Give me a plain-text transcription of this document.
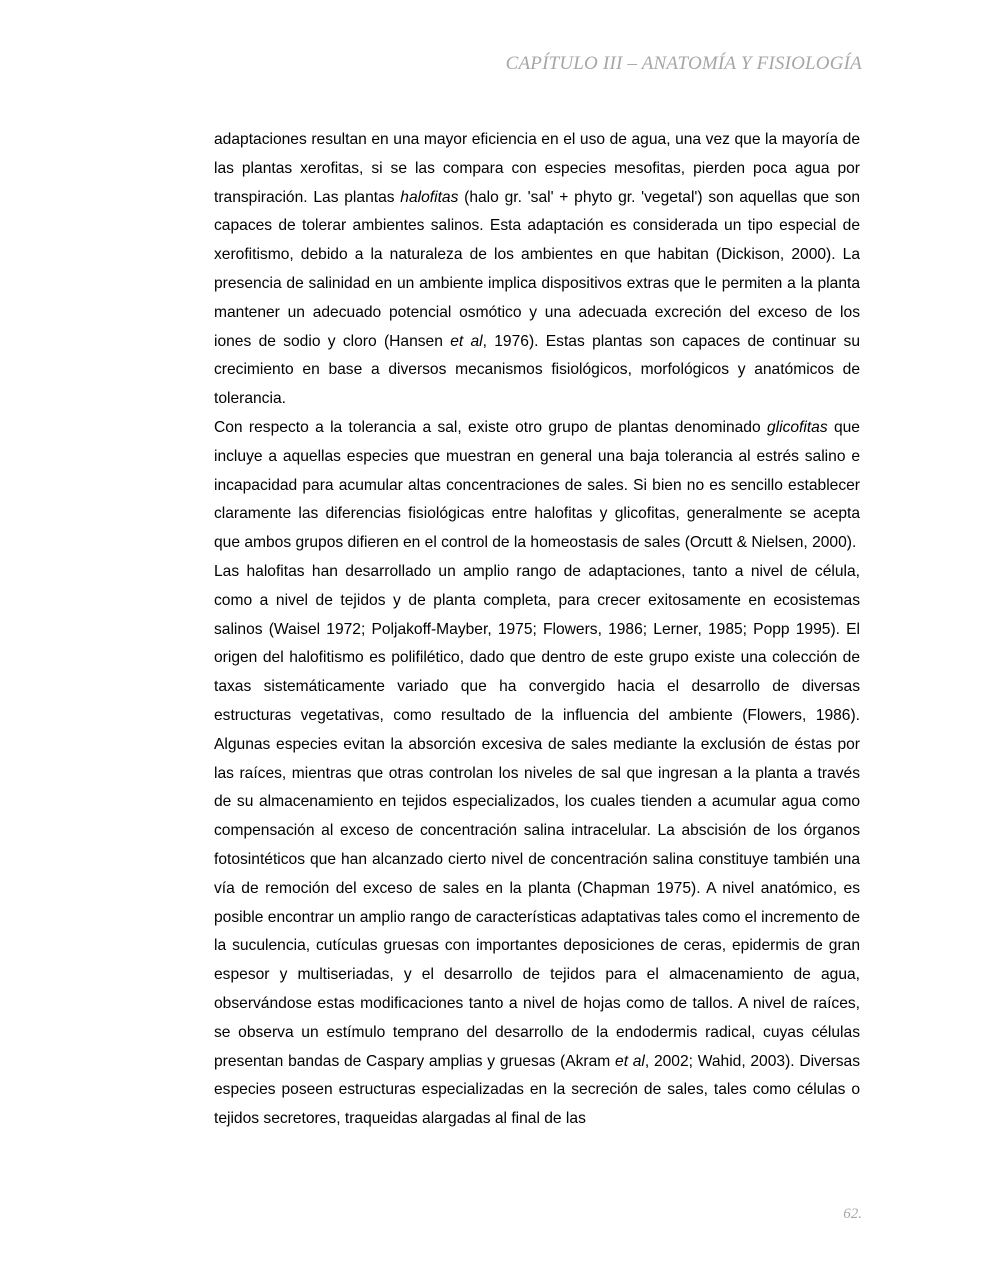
CAPÍTULO III – ANATOMÍA Y FISIOLOGÍA

adaptaciones resultan en una mayor eficiencia en el uso de agua, una vez que la mayoría de las plantas xerofitas, si se las compara con especies mesofitas, pierden poca agua por transpiración. Las plantas halofitas (halo gr. 'sal' + phyto gr. 'vegetal') son aquellas que son capaces de tolerar ambientes salinos. Esta adaptación es considerada un tipo especial de xerofitismo, debido a la naturaleza de los ambientes en que habitan (Dickison, 2000). La presencia de salinidad en un ambiente implica dispositivos extras que le permiten a la planta mantener un adecuado potencial osmótico y una adecuada excreción del exceso de los iones de sodio y cloro (Hansen et al, 1976). Estas plantas son capaces de continuar su crecimiento en base a diversos mecanismos fisiológicos, morfológicos y anatómicos de tolerancia.

Con respecto a la tolerancia a sal, existe otro grupo de plantas denominado glicofitas que incluye a aquellas especies que muestran en general una baja tolerancia al estrés salino e incapacidad para acumular altas concentraciones de sales. Si bien no es sencillo establecer claramente las diferencias fisiológicas entre halofitas y glicofitas, generalmente se acepta que ambos grupos difieren en el control de la homeostasis de sales (Orcutt & Nielsen, 2000).

Las halofitas han desarrollado un amplio rango de adaptaciones, tanto a nivel de célula, como a nivel de tejidos y de planta completa, para crecer exitosamente en ecosistemas salinos (Waisel 1972; Poljakoff-Mayber, 1975; Flowers, 1986; Lerner, 1985; Popp 1995). El origen del halofitismo es polifilético, dado que dentro de este grupo existe una colección de taxas sistemáticamente variado que ha convergido hacia el desarrollo de diversas estructuras vegetativas, como resultado de la influencia del ambiente (Flowers, 1986). Algunas especies evitan la absorción excesiva de sales mediante la exclusión de éstas por las raíces, mientras que otras controlan los niveles de sal que ingresan a la planta a través de su almacenamiento en tejidos especializados, los cuales tienden a acumular agua como compensación al exceso de concentración salina intracelular. La abscisión de los órganos fotosintéticos que han alcanzado cierto nivel de concentración salina constituye también una vía de remoción del exceso de sales en la planta (Chapman 1975). A nivel anatómico, es posible encontrar un amplio rango de características adaptativas tales como el incremento de la suculencia, cutículas gruesas con importantes deposiciones de ceras, epidermis de gran espesor y multiseriadas, y el desarrollo de tejidos para el almacenamiento de agua, observándose estas modificaciones tanto a nivel de hojas como de tallos. A nivel de raíces, se observa un estímulo temprano del desarrollo de la endodermis radical, cuyas células presentan bandas de Caspary amplias y gruesas (Akram et al, 2002; Wahid, 2003). Diversas especies poseen estructuras especializadas en la secreción de sales, tales como células o tejidos secretores, traqueidas alargadas al final de las

62.
